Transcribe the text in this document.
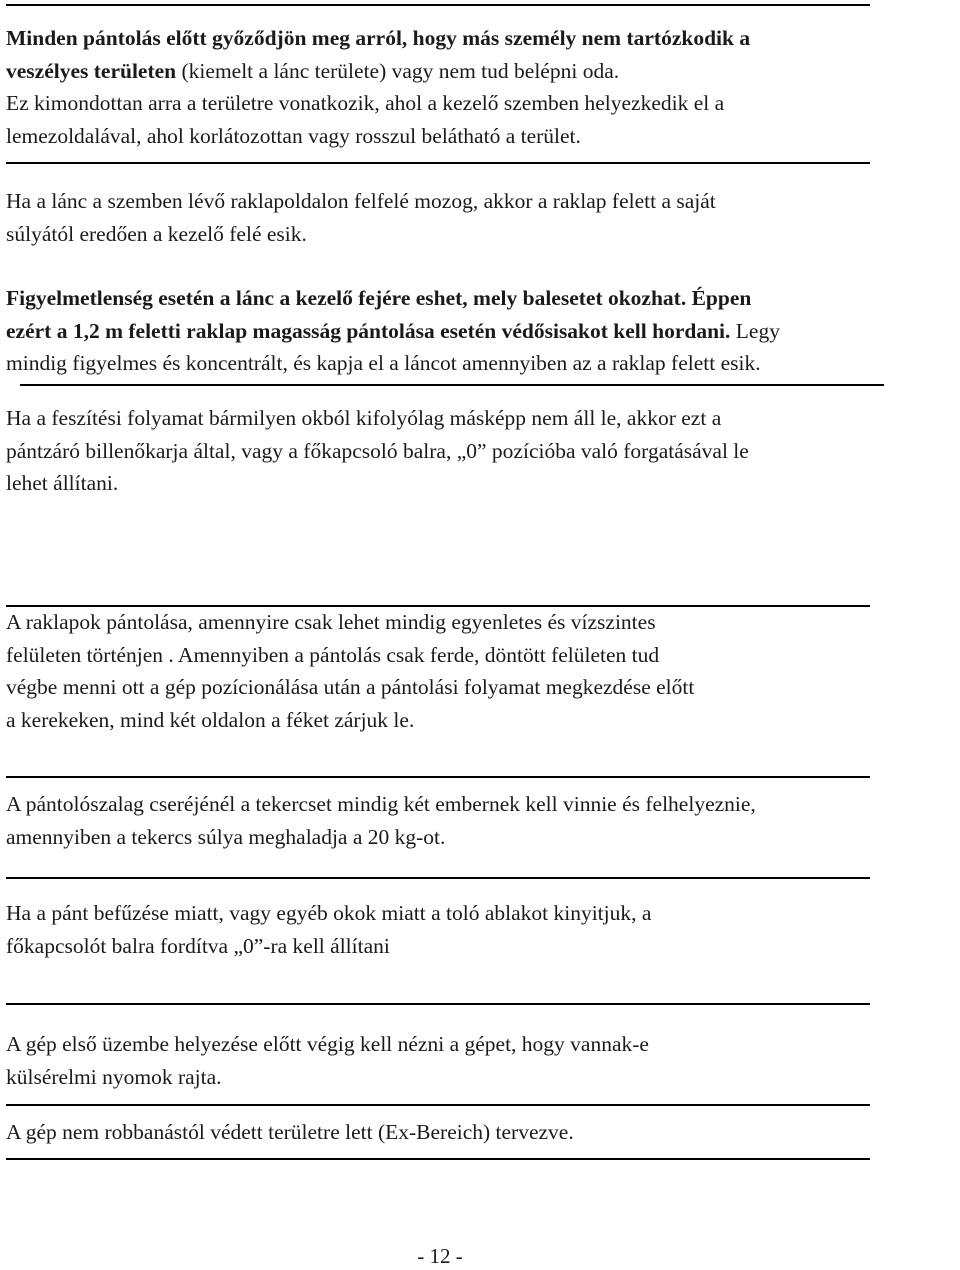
Minden pántolás előtt győződjön meg arról, hogy más személy nem tartózkodik a
veszélyes területen (kiemelt a lánc területe) vagy nem tud belépni oda.
Ez kimondottan arra a területre vonatkozik, ahol a kezelő szemben helyezkedik el a
lemezoldalával, ahol korlátozottan vagy rosszul belátható a terület.
Ha a lánc a szemben lévő raklapoldalon felfelé mozog, akkor a raklap felett a saját
súlyától eredően a kezelő felé esik.
Figyelmetlenség esetén a lánc a kezelő fejére eshet, mely balesetet okozhat. Éppen
ezért a 1,2 m feletti raklap magasság pántolása esetén védősisakot kell hordani. Legy
mindig figyelmes és koncentrált, és kapja el a láncot amennyiben az a raklap felett esik.
Ha a feszítési folyamat bármilyen okból kifolyólag másképp nem áll le, akkor ezt a
pántzáró billenőkarja által, vagy a főkapcsoló balra, „0” pozícióba való forgatásával le
lehet állítani.
A raklapok pántolása, amennyire csak lehet mindig egyenletes és vízszintes
felületen történjen . Amennyiben a pántolás csak ferde, döntött felületen tud
végbe menni ott a gép pozícionálása után a pántolási folyamat megkezdése előtt
a kerekeken, mind két oldalon a féket zárjuk le.
A pántolószalag cseréjénél a tekercset mindig két embernek kell vinnie és felhelyeznie,
amennyiben a tekercs súlya meghaladja a 20 kg-ot.
Ha a pánt befűzése miatt, vagy egyéb okok miatt a toló ablakot kinyitjuk, a
főkapcsolót balra fordítva „0”-ra kell állítani
A gép első üzembe helyezése előtt végig kell nézni a gépet, hogy vannak-e
külsérelmi nyomok rajta.
A gép nem robbanástól védett területre lett (Ex-Bereich) tervezve.
- 12 -
